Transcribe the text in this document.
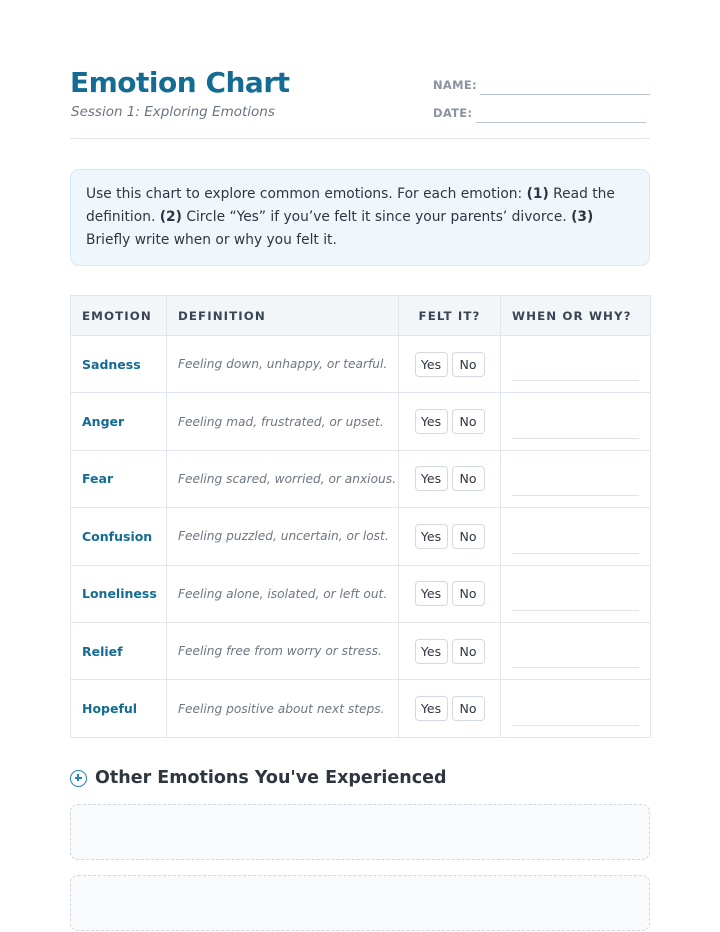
Emotion Chart
Session 1: Exploring Emotions
NAME:
DATE:
Use this chart to explore common emotions. For each emotion: (1) Read the definition. (2) Circle “Yes” if you’ve felt it since your parents’ divorce. (3) Briefly write when or why you felt it.
EMOTION	DEFINITION	FELT IT?	WHEN OR WHY?
Sadness	Feeling down, unhappy, or tearful.	Yes No	

Anger	Feeling mad, frustrated, or upset.	Yes No	

Fear	Feeling scared, worried, or anxious.	Yes No	

Confusion	Feeling puzzled, uncertain, or lost.	Yes No	

Loneliness	Feeling alone, isolated, or left out.	Yes No	

Relief	Feeling free from worry or stress.	Yes No	

Hopeful	Feeling positive about next steps.	Yes No	
Other Emotions You've Experienced
